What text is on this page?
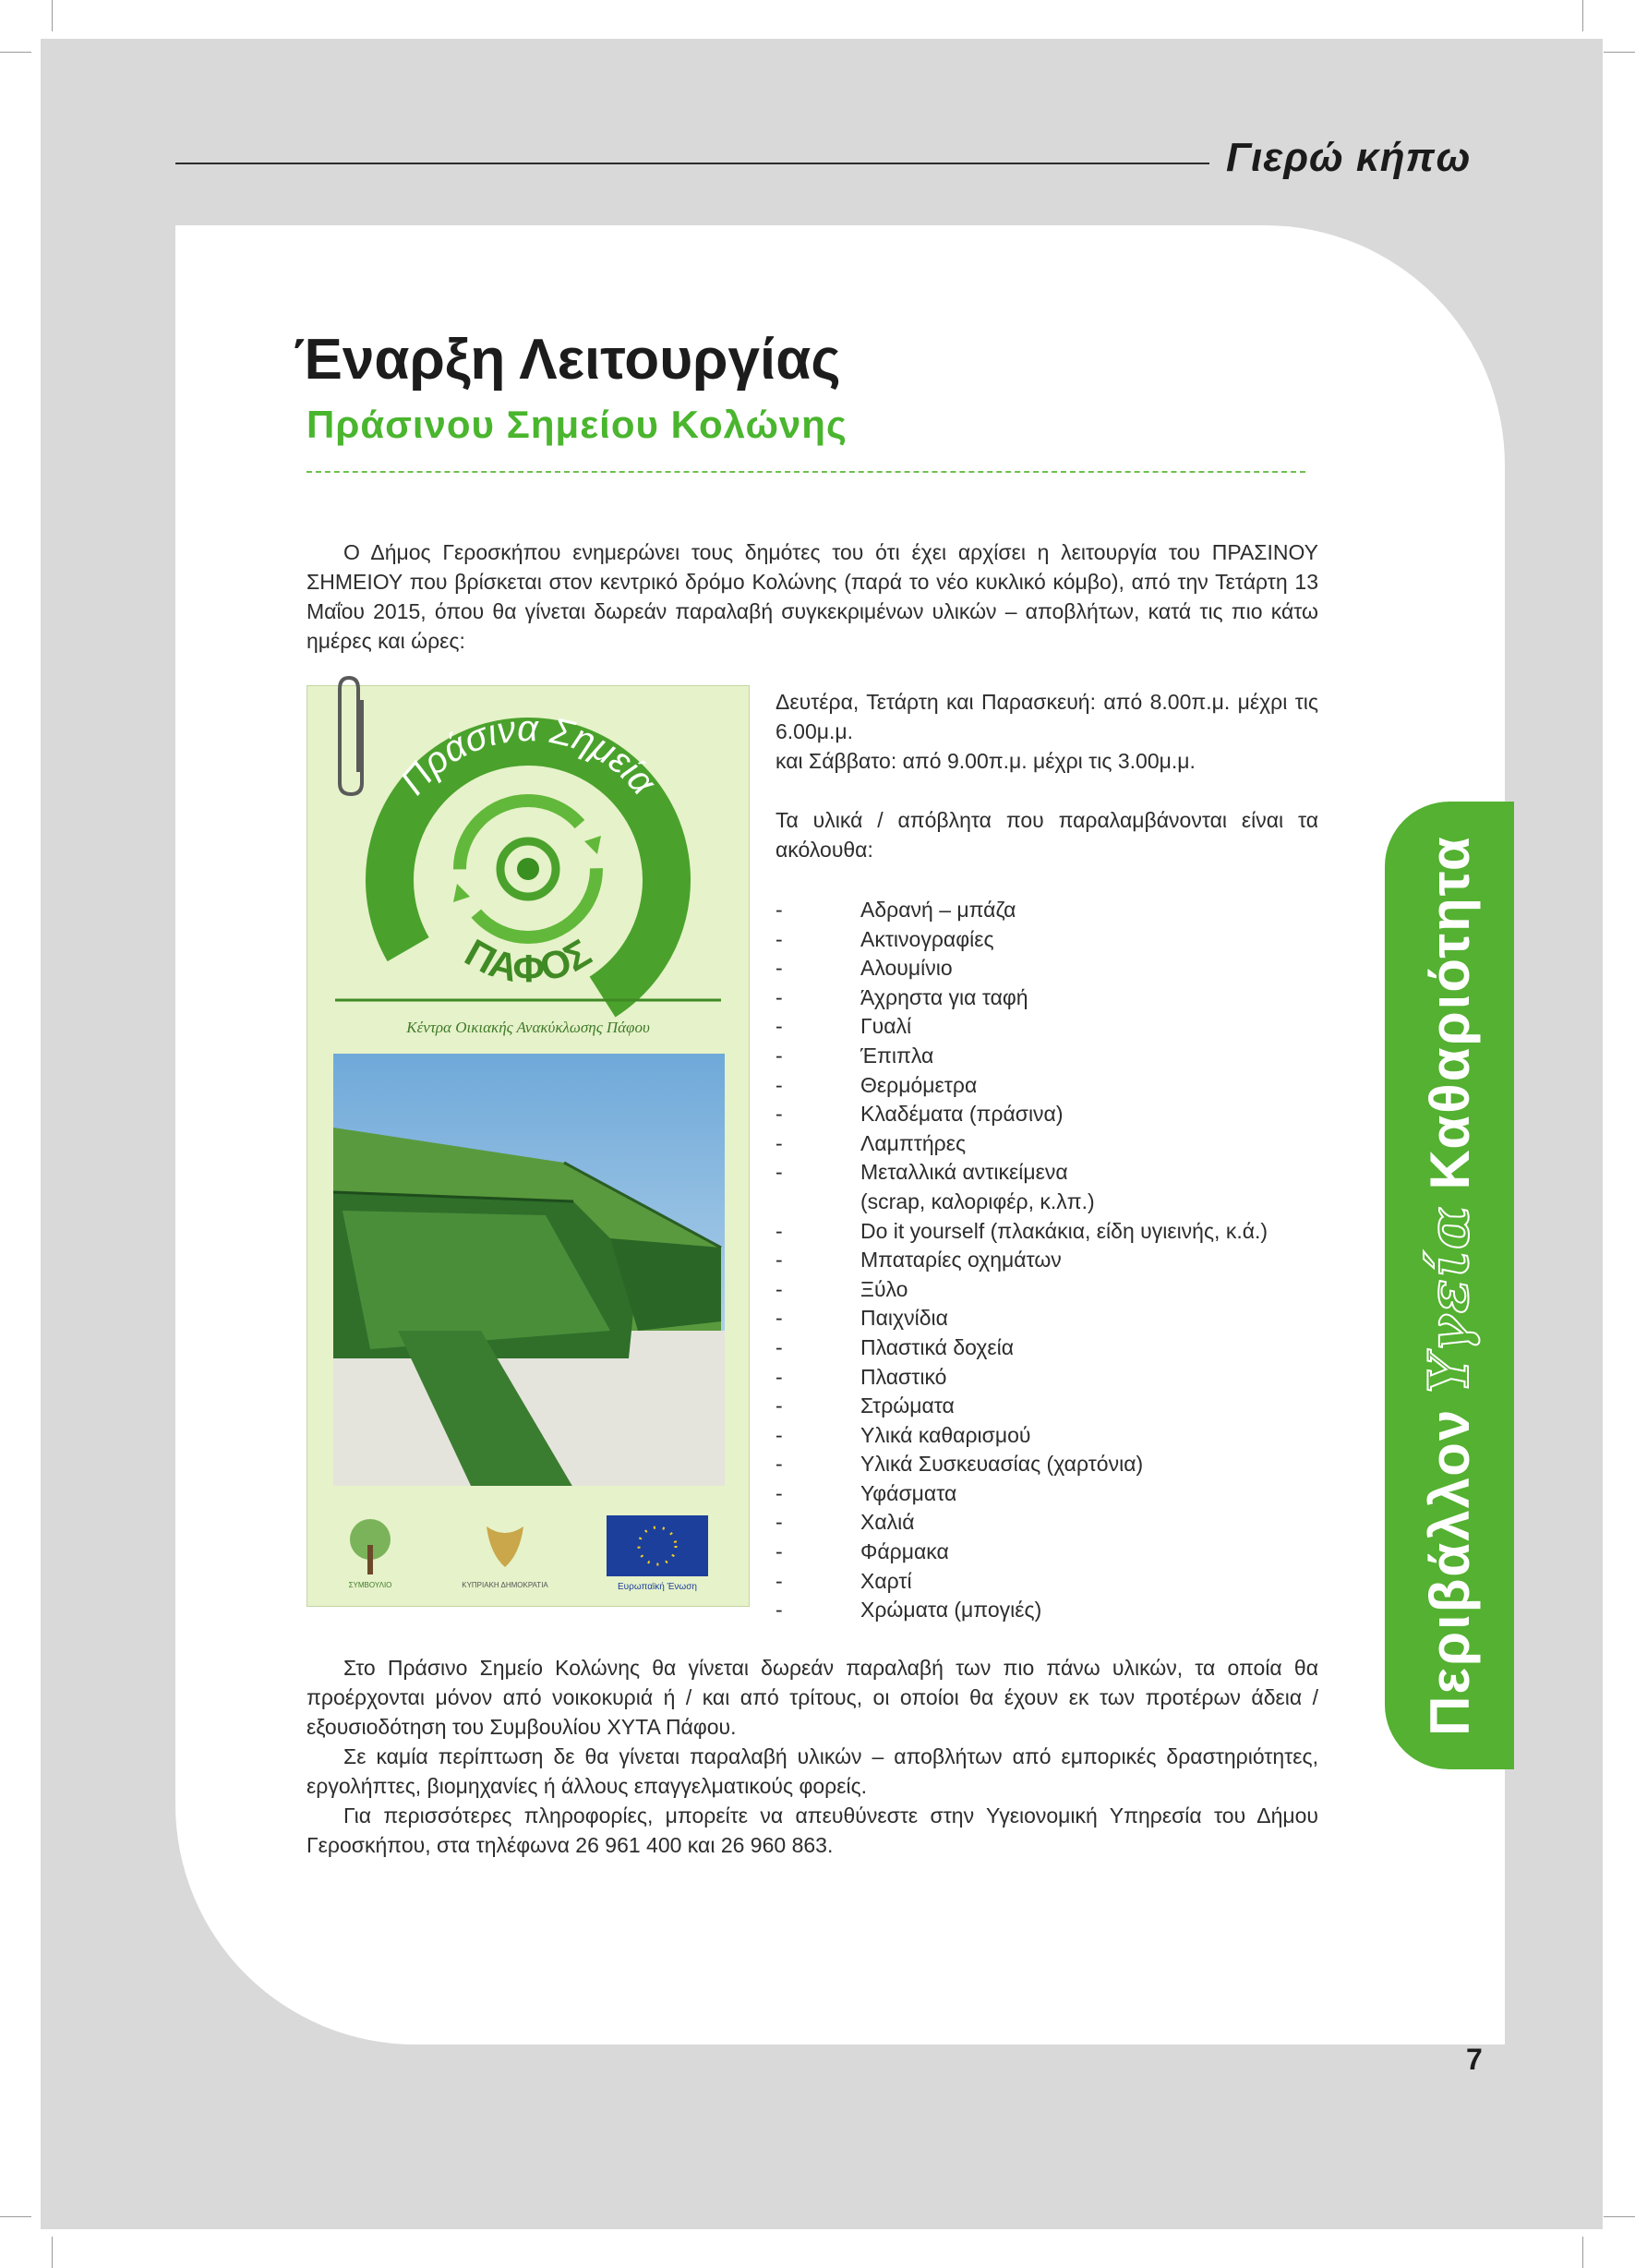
Γιερώ κήπω
Έναρξη Λειτουργίας
Πράσινου Σημείου Κολώνης

Ο Δήμος Γεροσκήπου ενημερώνει τους δημότες του ότι έχει αρχίσει η λειτουργία του ΠΡΑΣΙΝΟΥ ΣΗΜΕΙΟΥ που βρίσκεται στον κεντρικό δρόμο Κολώνης (παρά το νέο κυκλικό κόμβο), από την Τετάρτη 13 Μαΐου 2015, όπου θα γίνεται δωρεάν παραλαβή συγκεκριμένων υλικών – αποβλήτων, κατά τις πιο κάτω ημέρες και ώρες:

Πράσινα Σημεία
ΠΑΦΟΣ
Κέντρα Οικιακής Ανακύκλωσης Πάφου
ΣΥΜΒΟΥΛΙΟ	ΚΥΠΡΙΑΚΗ ΔΗΜΟΚΡΑΤΙΑ	Ευρωπαϊκή Ένωση

Δευτέρα, Τετάρτη και Παρασκευή: από 8.00π.μ. μέχρι τις 6.00μ.μ.

και Σάββατο: από 9.00π.μ. μέχρι τις 3.00μ.μ.

Τα υλικά / απόβλητα που παραλαμβάνονται είναι τα ακόλουθα:

- Αδρανή – μπάζα
- Ακτινογραφίες
- Αλουμίνιο
- Άχρηστα για ταφή
- Γυαλί
- Έπιπλα
- Θερμόμετρα
- Κλαδέματα (πράσινα)
- Λαμπτήρες
- Μεταλλικά αντικείμενα
(scrap, καλοριφέρ, κ.λπ.)
- Do it yourself (πλακάκια, είδη υγιεινής, κ.ά.)
- Μπαταρίες οχημάτων
- Ξύλο
- Παιχνίδια
- Πλαστικά δοχεία
- Πλαστικό
- Στρώματα
- Υλικά καθαρισμού
- Υλικά Συσκευασίας (χαρτόνια)
- Υφάσματα
- Χαλιά
- Φάρμακα
- Χαρτί
- Χρώματα (μπογιές)

Στο Πράσινο Σημείο Κολώνης θα γίνεται δωρεάν παραλαβή των πιο πάνω υλικών, τα οποία θα προέρχονται μόνον από νοικοκυριά ή / και από τρίτους, οι οποίοι θα έχουν εκ των προτέρων άδεια / εξουσιοδότηση του Συμβουλίου ΧΥΤΑ Πάφου.

Σε καμία περίπτωση δε θα γίνεται παραλαβή υλικών – αποβλήτων από εμπορικές δραστηριότητες, εργολήπτες, βιομηχανίες ή άλλους επαγγελματικούς φορείς.

Για περισσότερες πληροφορίες, μπορείτε να απευθύνεστε στην Υγειονομική Υπηρεσία του Δήμου Γεροσκήπου, στα τηλέφωνα 26 961 400 και 26 960 863.

Περιβάλλον
Υγεία
Καθαριότητα
7
